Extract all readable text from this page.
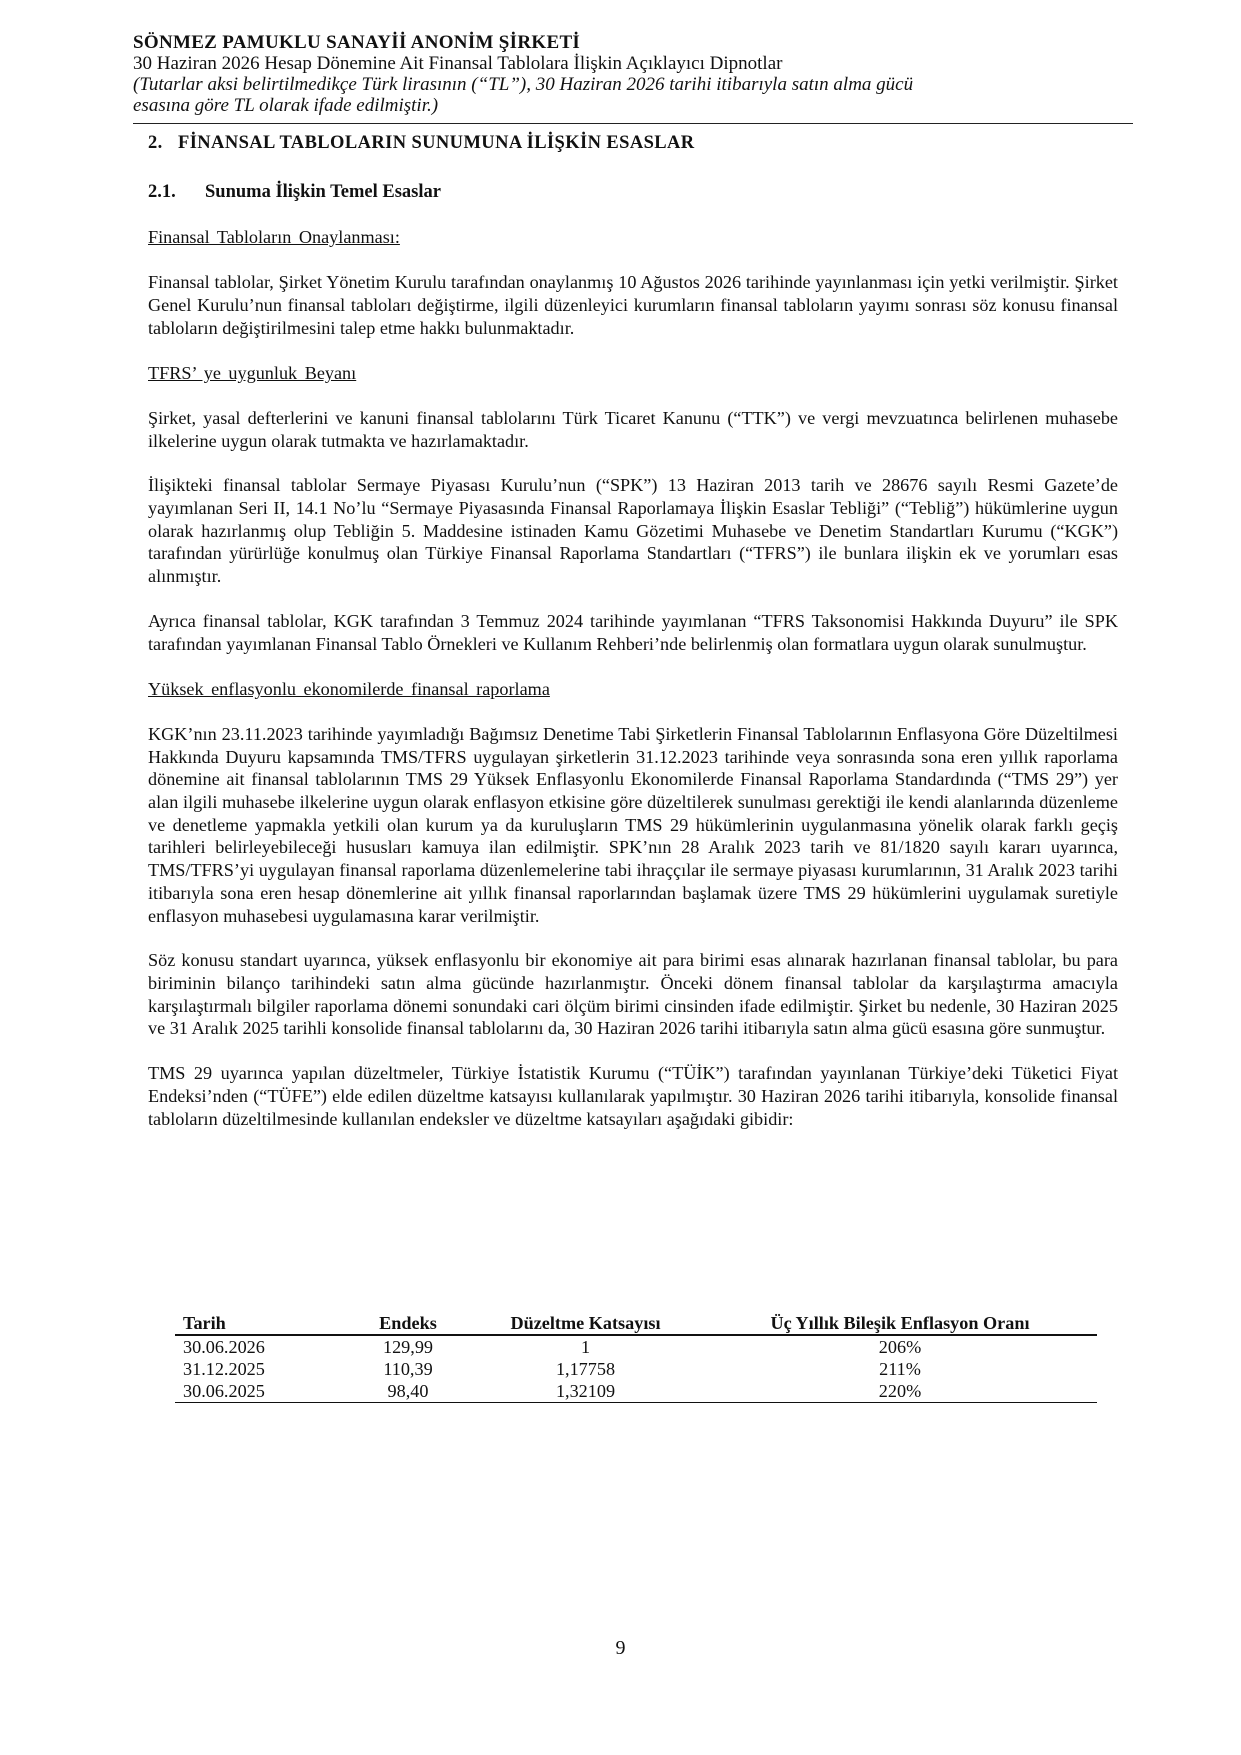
SÖNMEZ PAMUKLU SANAYİİ ANONİM ŞİRKETİ
30 Haziran 2026 Hesap Dönemine Ait Finansal Tablolara İlişkin Açıklayıcı Dipnotlar
(Tutarlar aksi belirtilmedikçe Türk lirasının (“TL”), 30 Haziran 2026 tarihi itibarıyla satın alma gücü
esasına göre TL olarak ifade edilmiştir.)
2. FİNANSAL TABLOLARIN SUNUMUNA İLİŞKİN ESASLAR
2.1. Sunuma İlişkin Temel Esaslar
Finansal Tabloların Onaylanması:

Finansal tablolar, Şirket Yönetim Kurulu tarafından onaylanmış 10 Ağustos 2026 tarihinde yayınlanması için yetki verilmiştir. Şirket Genel Kurulu’nun finansal tabloları değiştirme, ilgili düzenleyici kurumların finansal tabloların yayımı sonrası söz konusu finansal tabloların değiştirilmesini talep etme hakkı bulunmaktadır.

TFRS’ ye uygunluk Beyanı

Şirket, yasal defterlerini ve kanuni finansal tablolarını Türk Ticaret Kanunu (“TTK”) ve vergi mevzuatınca belirlenen muhasebe ilkelerine uygun olarak tutmakta ve hazırlamaktadır.

İlişikteki finansal tablolar Sermaye Piyasası Kurulu’nun (“SPK”) 13 Haziran 2013 tarih ve 28676 sayılı Resmi Gazete’de yayımlanan Seri II, 14.1 No’lu “Sermaye Piyasasında Finansal Raporlamaya İlişkin Esaslar Tebliği” (“Tebliğ”) hükümlerine uygun olarak hazırlanmış olup Tebliğin 5. Maddesine istinaden Kamu Gözetimi Muhasebe ve Denetim Standartları Kurumu (“KGK”) tarafından yürürlüğe konulmuş olan Türkiye Finansal Raporlama Standartları (“TFRS”) ile bunlara ilişkin ek ve yorumları esas alınmıştır.

Ayrıca finansal tablolar, KGK tarafından 3 Temmuz 2024 tarihinde yayımlanan “TFRS Taksonomisi Hakkında Duyuru” ile SPK tarafından yayımlanan Finansal Tablo Örnekleri ve Kullanım Rehberi’nde belirlenmiş olan formatlara uygun olarak sunulmuştur.

Yüksek enflasyonlu ekonomilerde finansal raporlama

KGK’nın 23.11.2023 tarihinde yayımladığı Bağımsız Denetime Tabi Şirketlerin Finansal Tablolarının Enflasyona Göre Düzeltilmesi Hakkında Duyuru kapsamında TMS/TFRS uygulayan şirketlerin 31.12.2023 tarihinde veya sonrasında sona eren yıllık raporlama dönemine ait finansal tablolarının TMS 29 Yüksek Enflasyonlu Ekonomilerde Finansal Raporlama Standardında (“TMS 29”) yer alan ilgili muhasebe ilkelerine uygun olarak enflasyon etkisine göre düzeltilerek sunulması gerektiği ile kendi alanlarında düzenleme ve denetleme yapmakla yetkili olan kurum ya da kuruluşların TMS 29 hükümlerinin uygulanmasına yönelik olarak farklı geçiş tarihleri belirleyebileceği hususları kamuya ilan edilmiştir. SPK’nın 28 Aralık 2023 tarih ve 81/1820 sayılı kararı uyarınca, TMS/TFRS’yi uygulayan finansal raporlama düzenlemelerine tabi ihraççılar ile sermaye piyasası kurumlarının, 31 Aralık 2023 tarihi itibarıyla sona eren hesap dönemlerine ait yıllık finansal raporlarından başlamak üzere TMS 29 hükümlerini uygulamak suretiyle enflasyon muhasebesi uygulamasına karar verilmiştir.

Söz konusu standart uyarınca, yüksek enflasyonlu bir ekonomiye ait para birimi esas alınarak hazırlanan finansal tablolar, bu para biriminin bilanço tarihindeki satın alma gücünde hazırlanmıştır. Önceki dönem finansal tablolar da karşılaştırma amacıyla karşılaştırmalı bilgiler raporlama dönemi sonundaki cari ölçüm birimi cinsinden ifade edilmiştir. Şirket bu nedenle, 30 Haziran 2025 ve 31 Aralık 2025 tarihli konsolide finansal tablolarını da, 30 Haziran 2026 tarihi itibarıyla satın alma gücü esasına göre sunmuştur.

TMS 29 uyarınca yapılan düzeltmeler, Türkiye İstatistik Kurumu (“TÜİK”) tarafından yayınlanan Türkiye’deki Tüketici Fiyat Endeksi’nden (“TÜFE”) elde edilen düzeltme katsayısı kullanılarak yapılmıştır. 30 Haziran 2026 tarihi itibarıyla, konsolide finansal tabloların düzeltilmesinde kullanılan endeksler ve düzeltme katsayıları aşağıdaki gibidir:

Tarih	Endeks	Düzeltme Katsayısı	Üç Yıllık Bileşik Enflasyon Oranı
30.06.2026	129,99	1	206%
31.12.2025	110,39	1,17758	211%
30.06.2025	98,40	1,32109	220%
9
